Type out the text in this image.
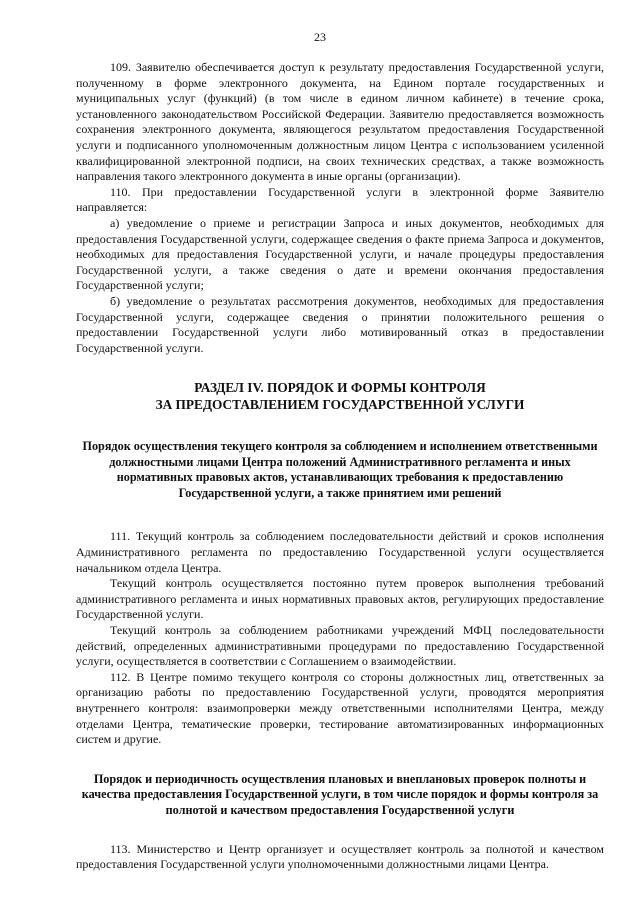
23

109. Заявителю обеспечивается доступ к результату предоставления Государственной услуги, полученному в форме электронного документа, на Едином портале государственных и муниципальных услуг (функций) (в том числе в едином личном кабинете) в течение срока, установленного законодательством Российской Федерации. Заявителю предоставляется возможность сохранения электронного документа, являющегося результатом предоставления Государственной услуги и подписанного уполномоченным должностным лицом Центра с использованием усиленной квалифицированной электронной подписи, на своих технических средствах, а также возможность направления такого электронного документа в иные органы (организации).

110. При предоставлении Государственной услуги в электронной форме Заявителю направляется:

а) уведомление о приеме и регистрации Запроса и иных документов, необходимых для предоставления Государственной услуги, содержащее сведения о факте приема Запроса и документов, необходимых для предоставления Государственной услуги, и начале процедуры предоставления Государственной услуги, а также сведения о дате и времени окончания предоставления Государственной услуги;

б) уведомление о результатах рассмотрения документов, необходимых для предоставления Государственной услуги, содержащее сведения о принятии положительного решения о предоставлении Государственной услуги либо мотивированный отказ в предоставлении Государственной услуги.

РАЗДЕЛ IV. ПОРЯДОК И ФОРМЫ КОНТРОЛЯ
ЗА ПРЕДОСТАВЛЕНИЕМ ГОСУДАРСТВЕННОЙ УСЛУГИ
Порядок осуществления текущего контроля за соблюдением и исполнением ответственными должностными лицами Центра положений Административного регламента и иных нормативных правовых актов, устанавливающих требования к предоставлению Государственной услуги, а также принятием ими решений

111. Текущий контроль за соблюдением последовательности действий и сроков исполнения Административного регламента по предоставлению Государственной услуги осуществляется начальником отдела Центра.

Текущий контроль осуществляется постоянно путем проверок выполнения требований административного регламента и иных нормативных правовых актов, регулирующих предоставление Государственной услуги.

Текущий контроль за соблюдением работниками учреждений МФЦ последовательности действий, определенных административными процедурами по предоставлению Государственной услуги, осуществляется в соответствии с Соглашением о взаимодействии.

112. В Центре помимо текущего контроля со стороны должностных лиц, ответственных за организацию работы по предоставлению Государственной услуги, проводятся мероприятия внутреннего контроля: взаимопроверки между ответственными исполнителями Центра, между отделами Центра, тематические проверки, тестирование автоматизированных информационных систем и другие.

Порядок и периодичность осуществления плановых и внеплановых проверок полноты и качества предоставления Государственной услуги, в том числе порядок и формы контроля за полнотой и качеством предоставления Государственной услуги

113. Министерство и Центр организует и осуществляет контроль за полнотой и качеством предоставления Государственной услуги уполномоченными должностными лицами Центра.
